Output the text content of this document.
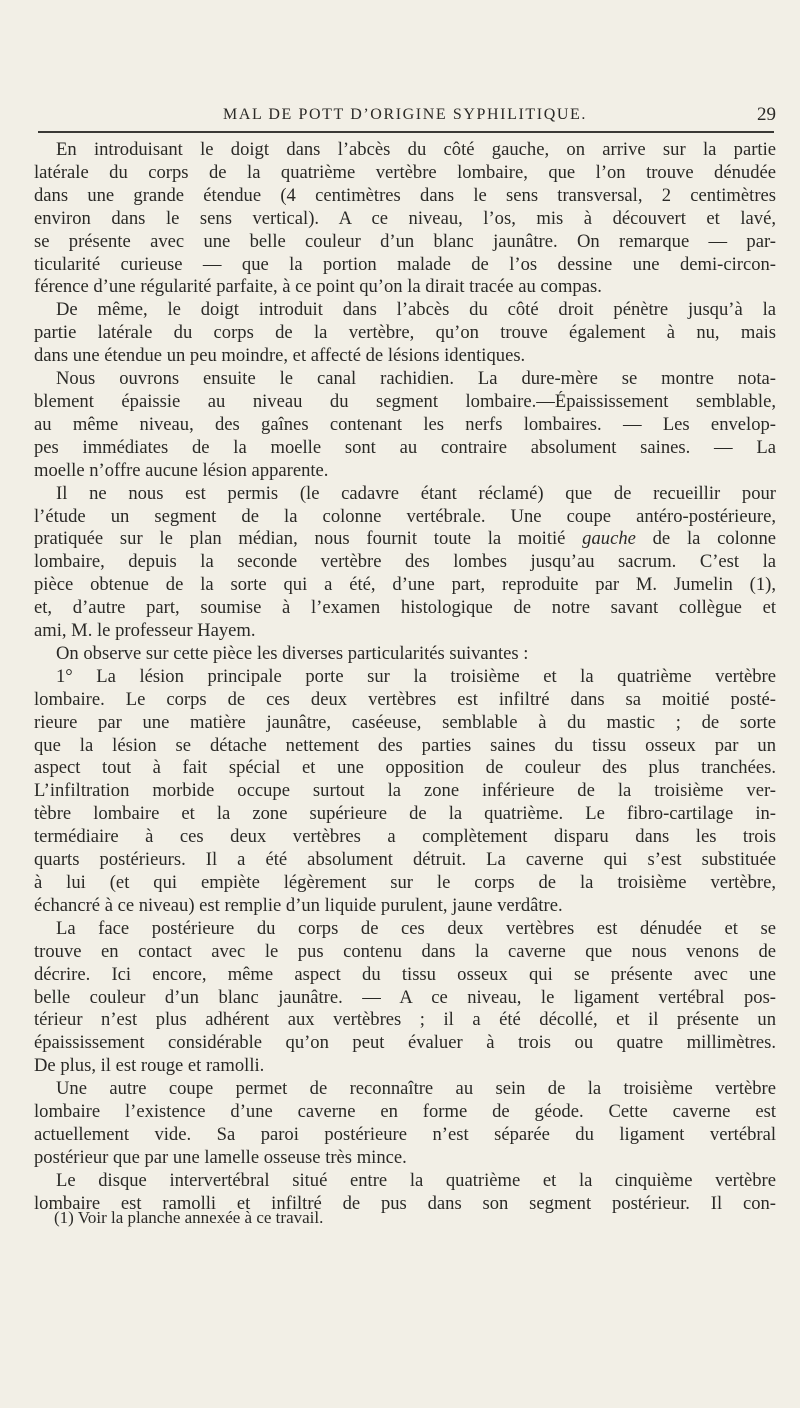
MAL DE POTT D’ORIGINE SYPHILITIQUE.	29
En introduisant le doigt dans l’abcès du côté gauche, on arrive sur la partie
latérale du corps de la quatrième vertèbre lombaire, que l’on trouve dénudée
dans une grande étendue (4 centimètres dans le sens transversal, 2 centimètres
environ dans le sens vertical). A ce niveau, l’os, mis à découvert et lavé,
se présente avec une belle couleur d’un blanc jaunâtre. On remarque — par-
ticularité curieuse — que la portion malade de l’os dessine une demi-circon-
férence d’une régularité parfaite, à ce point qu’on la dirait tracée au compas.
De même, le doigt introduit dans l’abcès du côté droit pénètre jusqu’à la
partie latérale du corps de la vertèbre, qu’on trouve également à nu, mais
dans une étendue un peu moindre, et affecté de lésions identiques.
Nous ouvrons ensuite le canal rachidien. La dure-mère se montre nota-
blement épaissie au niveau du segment lombaire.—Épaississement semblable,
au même niveau, des gaînes contenant les nerfs lombaires. — Les envelop-
pes immédiates de la moelle sont au contraire absolument saines. — La
moelle n’offre aucune lésion apparente.
Il ne nous est permis (le cadavre étant réclamé) que de recueillir pour
l’étude un segment de la colonne vertébrale. Une coupe antéro-postérieure,
pratiquée sur le plan médian, nous fournit toute la moitié gauche de la colonne
lombaire, depuis la seconde vertèbre des lombes jusqu’au sacrum. C’est la
pièce obtenue de la sorte qui a été, d’une part, reproduite par M. Jumelin (1),
et, d’autre part, soumise à l’examen histologique de notre savant collègue et
ami, M. le professeur Hayem.
On observe sur cette pièce les diverses particularités suivantes :
1° La lésion principale porte sur la troisième et la quatrième vertèbre
lombaire. Le corps de ces deux vertèbres est infiltré dans sa moitié posté-
rieure par une matière jaunâtre, caséeuse, semblable à du mastic ; de sorte
que la lésion se détache nettement des parties saines du tissu osseux par un
aspect tout à fait spécial et une opposition de couleur des plus tranchées.
L’infiltration morbide occupe surtout la zone inférieure de la troisième ver-
tèbre lombaire et la zone supérieure de la quatrième. Le fibro-cartilage in-
termédiaire à ces deux vertèbres a complètement disparu dans les trois
quarts postérieurs. Il a été absolument détruit. La caverne qui s’est substituée
à lui (et qui empiète légèrement sur le corps de la troisième vertèbre,
échancré à ce niveau) est remplie d’un liquide purulent, jaune verdâtre.
La face postérieure du corps de ces deux vertèbres est dénudée et se
trouve en contact avec le pus contenu dans la caverne que nous venons de
décrire. Ici encore, même aspect du tissu osseux qui se présente avec une
belle couleur d’un blanc jaunâtre. — A ce niveau, le ligament vertébral pos-
térieur n’est plus adhérent aux vertèbres ; il a été décollé, et il présente un
épaississement considérable qu’on peut évaluer à trois ou quatre millimètres.
De plus, il est rouge et ramolli.
Une autre coupe permet de reconnaître au sein de la troisième vertèbre
lombaire l’existence d’une caverne en forme de géode. Cette caverne est
actuellement vide. Sa paroi postérieure n’est séparée du ligament vertébral
postérieur que par une lamelle osseuse très mince.
Le disque intervertébral situé entre la quatrième et la cinquième vertèbre
lombaire est ramolli et infiltré de pus dans son segment postérieur. Il con-
(1) Voir la planche annexée à ce travail.
